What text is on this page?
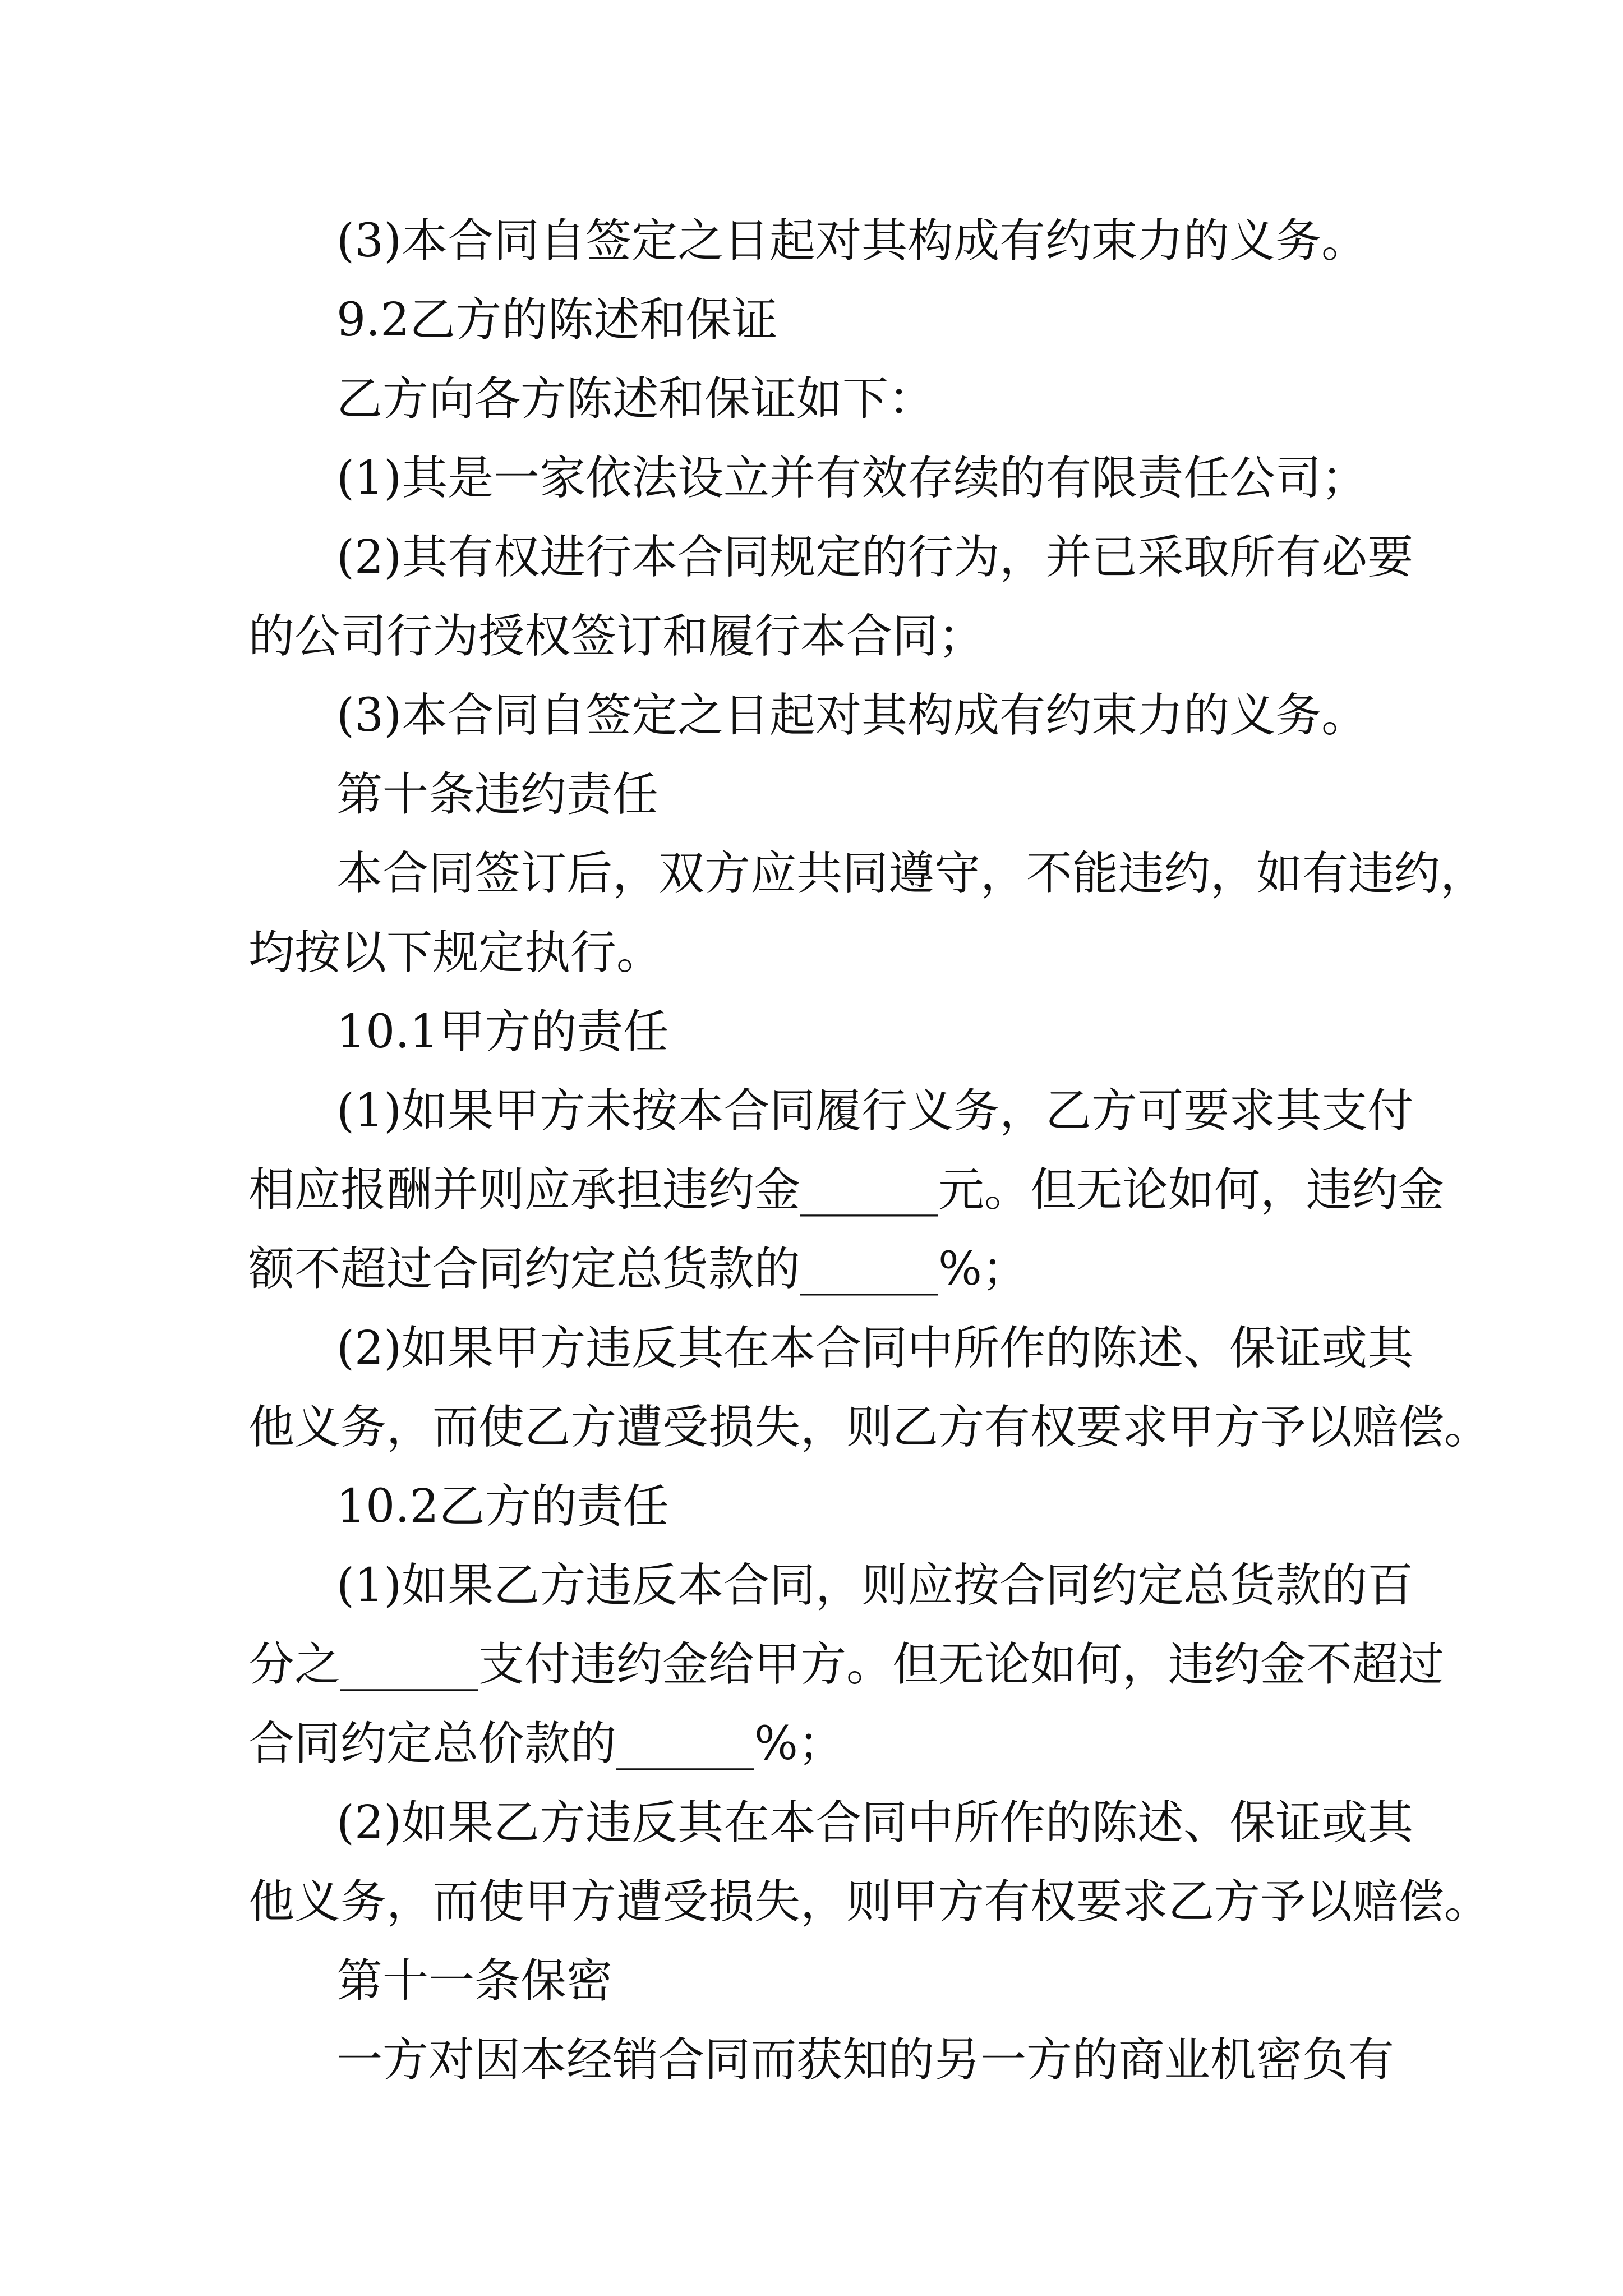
(3)本合同自签定之日起对其构成有约束力的义务。
9.2乙方的陈述和保证
乙方向各方陈述和保证如下：
(1)其是一家依法设立并有效存续的有限责任公司；
(2)其有权进行本合同规定的行为，并已采取所有必要
的公司行为授权签订和履行本合同；
(3)本合同自签定之日起对其构成有约束力的义务。
第十条违约责任
本合同签订后，双方应共同遵守，不能违约，如有违约，
均按以下规定执行。
10.1甲方的责任
(1)如果甲方未按本合同履行义务，乙方可要求其支付
相应报酬并则应承担违约金______元。但无论如何，违约金
额不超过合同约定总货款的______%；
(2)如果甲方违反其在本合同中所作的陈述、保证或其
他义务，而使乙方遭受损失，则乙方有权要求甲方予以赔偿。
10.2乙方的责任
(1)如果乙方违反本合同，则应按合同约定总货款的百
分之______支付违约金给甲方。但无论如何，违约金不超过
合同约定总价款的______%；
(2)如果乙方违反其在本合同中所作的陈述、保证或其
他义务，而使甲方遭受损失，则甲方有权要求乙方予以赔偿。
第十一条保密
一方对因本经销合同而获知的另一方的商业机密负有
